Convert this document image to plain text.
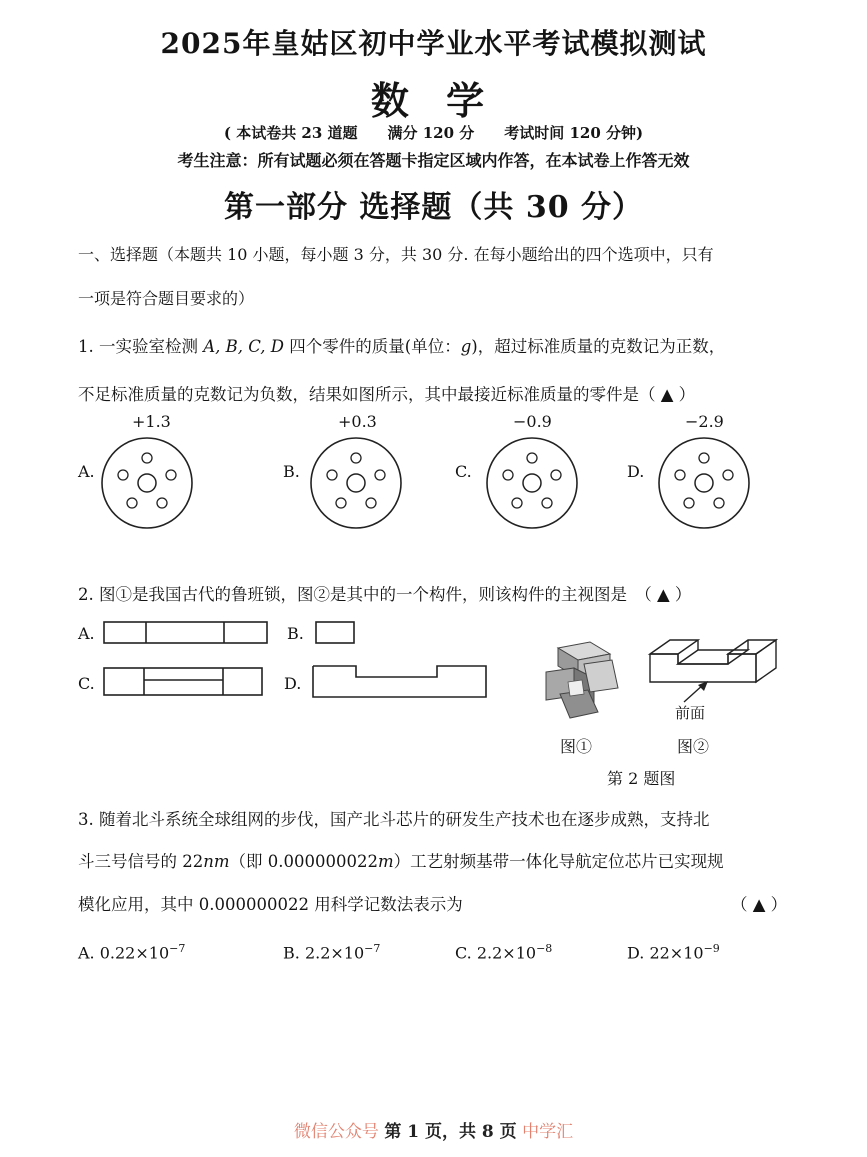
2025年皇姑区初中学业水平考试模拟测试
数 学
( 本试卷共 23 道题　　满分 120 分　　考试时间 120 分钟)
考生注意：所有试题必须在答题卡指定区域内作答，在本试卷上作答无效
第一部分 选择题（共 30 分）
一、选择题（本题共 10 小题，每小题 3 分，共 30 分. 在每小题给出的四个选项中，只有
一项是符合题目要求的）
1. 一实验室检测 A, B, C, D 四个零件的质量(单位：g)，超过标准质量的克数记为正数，
不足标准质量的克数记为负数，结果如图所示，其中最接近标准质量的零件是（ ▲ ）
A.
+1.3
B.
+0.3
C.
−0.9
D.
−2.9
2. 图①是我国古代的鲁班锁，图②是其中的一个构件，则该构件的主视图是　（ ▲ ）
A.	B.
C.	D.
前面
图①	图②
第 2 题图
3. 随着北斗系统全球组网的步伐，国产北斗芯片的研发生产技术也在逐步成熟，支持北
斗三号信号的 22nm（即 0.000000022m）工艺射频基带一体化导航定位芯片已实现规
模化应用，其中 0.000000022 用科学记数法表示为	（ ▲ ）
A. $0.22\times 10^{-7}$	B. $2.2\times 10^{-7}$	C. $2.2\times 10^{-8}$	D. $22\times 10^{-9}$
微信公众号 第 1 页，共 8 页 中学汇
